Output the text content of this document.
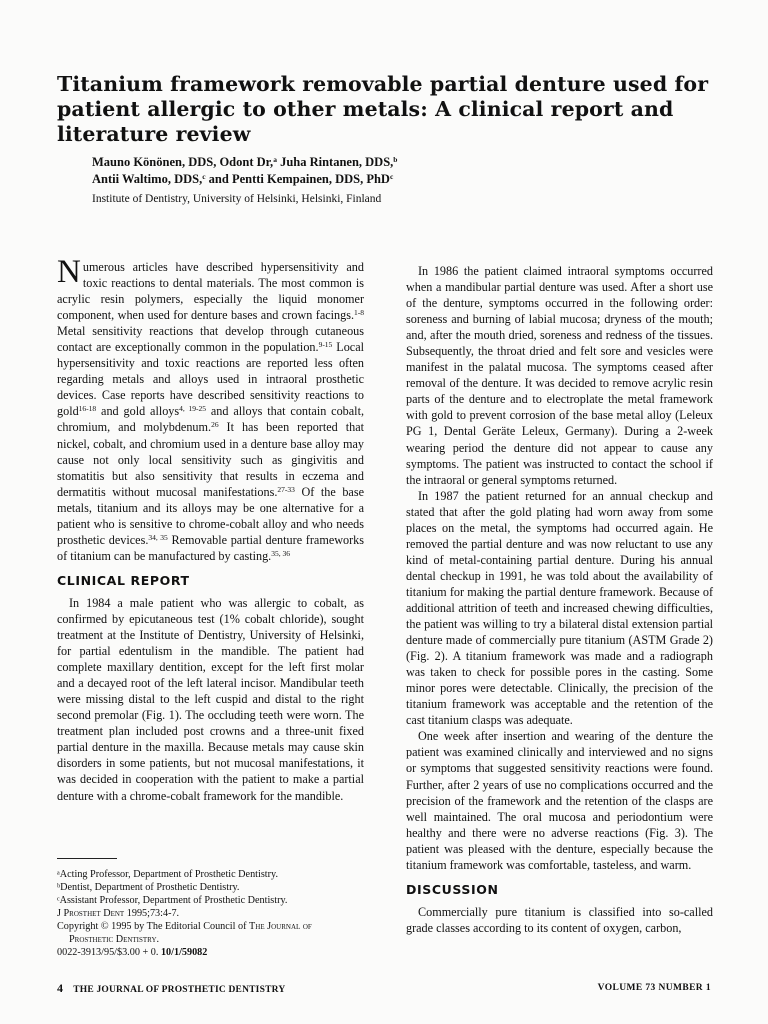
Titanium framework removable partial denture used for patient allergic to other metals: A clinical report and literature review
Mauno Könönen, DDS, Odont Dr,$^a$ Juha Rintanen, DDS,$^b$
Antii Waltimo, DDS,$^c$ and Pentti Kempainen, DDS, PhD$^c$
Institute of Dentistry, University of Helsinki, Helsinki, Finland

Numerous articles have described hypersensitivity and toxic reactions to dental materials. The most common is acrylic resin polymers, especially the liquid monomer component, when used for denture bases and crown facings.$^{1-8}$ Metal sensitivity reactions that develop through cutaneous contact are exceptionally common in the population.$^{9-15}$ Local hypersensitivity and toxic reactions are reported less often regarding metals and alloys used in intraoral prosthetic devices. Case reports have described sensitivity reactions to gold$^{16-18}$ and gold alloys$^{4, 19-25}$ and alloys that contain cobalt, chromium, and molybdenum.$^{26}$ It has been reported that nickel, cobalt, and chromium used in a denture base alloy may cause not only local sensitivity such as gingivitis and stomatitis but also sensitivity that results in eczema and dermatitis without mucosal manifestations.$^{27-33}$ Of the base metals, titanium and its alloys may be one alternative for a patient who is sensitive to chrome-cobalt alloy and who needs prosthetic devices.$^{34, 35}$ Removable partial denture frameworks of titanium can be manufactured by casting.$^{35, 36}$

CLINICAL REPORT

In 1984 a male patient who was allergic to cobalt, as confirmed by epicutaneous test (1% cobalt chloride), sought treatment at the Institute of Dentistry, University of Helsinki, for partial edentulism in the mandible. The patient had complete maxillary dentition, except for the left first molar and a decayed root of the left lateral incisor. Mandibular teeth were missing distal to the left cuspid and distal to the right second premolar (Fig. 1). The occluding teeth were worn. The treatment plan included post crowns and a three-unit fixed partial denture in the maxilla. Because metals may cause skin disorders in some patients, but not mucosal manifestations, it was decided in cooperation with the patient to make a partial denture with a chrome-cobalt framework for the mandible.

ᵃActing Professor, Department of Prosthetic Dentistry.
ᵇDentist, Department of Prosthetic Dentistry.
ᶜAssistant Professor, Department of Prosthetic Dentistry.
J Prosthet Dent 1995;73:4-7.
Copyright © 1995 by The Editorial Council of The Journal of
Prosthetic Dentistry.
0022-3913/95/$3.00 + 0. 10/1/59082

In 1986 the patient claimed intraoral symptoms occurred when a mandibular partial denture was used. After a short use of the denture, symptoms occurred in the following order: soreness and burning of labial mucosa; dryness of the mouth; and, after the mouth dried, soreness and redness of the tissues. Subsequently, the throat dried and felt sore and vesicles were manifest in the palatal mucosa. The symptoms ceased after removal of the denture. It was decided to remove acrylic resin parts of the denture and to electroplate the metal framework with gold to prevent corrosion of the base metal alloy (Leleux PG 1, Dental Geräte Leleux, Germany). During a 2-week wearing period the denture did not appear to cause any symptoms. The patient was instructed to contact the school if the intraoral or general symptoms returned.

In 1987 the patient returned for an annual checkup and stated that after the gold plating had worn away from some places on the metal, the symptoms had occurred again. He removed the partial denture and was now reluctant to use any kind of metal-containing partial denture. During his annual dental checkup in 1991, he was told about the availability of titanium for making the partial denture framework. Because of additional attrition of teeth and increased chewing difficulties, the patient was willing to try a bilateral distal extension partial denture made of commercially pure titanium (ASTM Grade 2) (Fig. 2). A titanium framework was made and a radiograph was taken to check for possible pores in the casting. Some minor pores were detectable. Clinically, the precision of the titanium framework was acceptable and the retention of the cast titanium clasps was adequate.

One week after insertion and wearing of the denture the patient was examined clinically and interviewed and no signs or symptoms that suggested sensitivity reactions were found. Further, after 2 years of use no complications occurred and the precision of the framework and the retention of the clasps are well maintained. The oral mucosa and periodontium were healthy and there were no adverse reactions (Fig. 3). The patient was pleased with the denture, especially because the titanium framework was comfortable, tasteless, and warm.

DISCUSSION

Commercially pure titanium is classified into so-called grade classes according to its content of oxygen, carbon,

4 THE JOURNAL OF PROSTHETIC DENTISTRY	VOLUME 73 NUMBER 1
